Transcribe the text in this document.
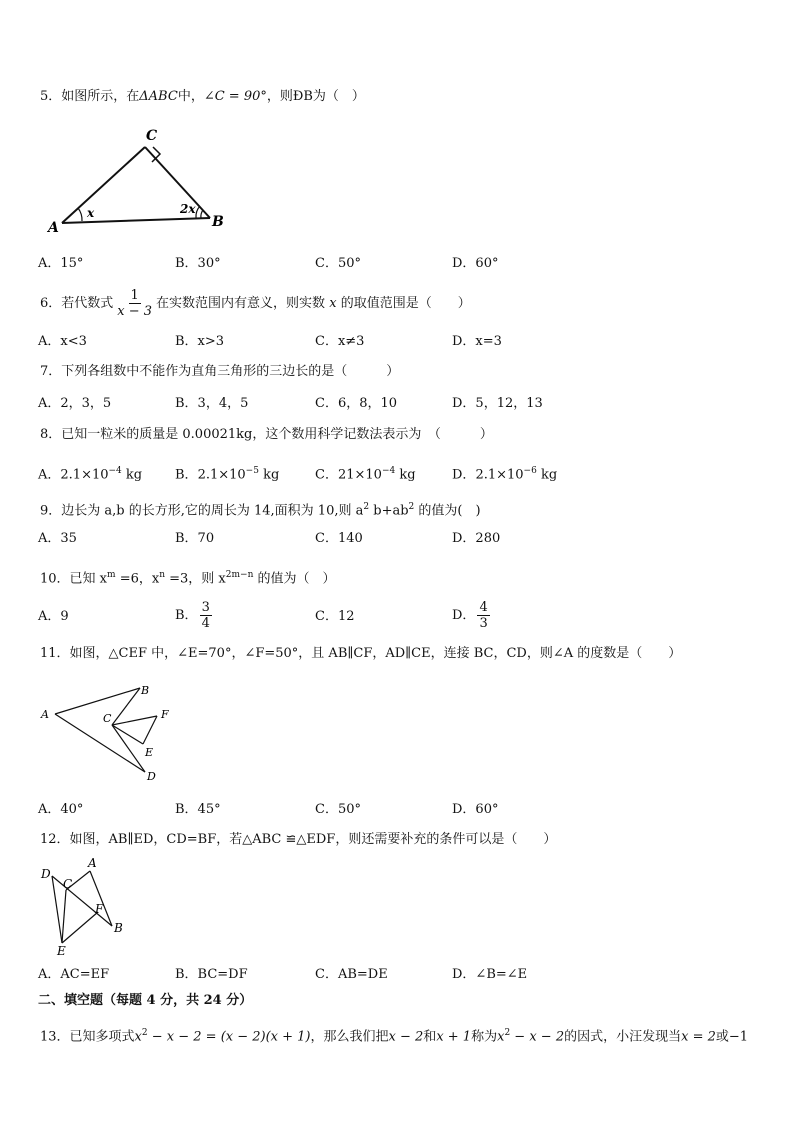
5．如图所示，在ΔABC中，∠C = 90°，则ÐB为（　）
C
A	B
x	2x
A．15°	B．30°	C．50°	D．60°
6．若代数式 $\frac{1}{x - 3}$ 在实数范围内有意义，则实数 x 的取值范围是（　　）
A．x<3	B．x>3	C．x≠3	D．x=3
7．下列各组数中不能作为直角三角形的三边长的是（　　　）
A．2，3，5	B．3，4，5	C．6，8，10	D．5，12，13
8．已知一粒米的质量是 0.00021kg，这个数用科学记数法表示为　（　　　）
A．$2.1\times 10^{-4}$ kg	B．$2.1\times 10^{-5}$ kg	C．$21\times 10^{-4}$ kg	D．$2.1\times 10^{-6}$ kg
9．边长为 a,b 的长方形,它的周长为 14,面积为 10,则 $a^2$ $b+ab^2$ 的值为(　)
A．35	B．70	C．140	D．280
10．已知 $x^m =6$，$x^n =3$，则 $x^{2m-n}$ 的值为（　）
A．9	B． $\frac{3}{4}$	C．12	D． $\frac{4}{3}$
11．如图，△CEF 中，∠E=70°，∠F=50°，且 AB∥CF，AD∥CE，连接 BC，CD，则∠A 的度数是（　　）
A
B
C	F
E
D
A．40°	B．45°	C．50°	D．60°
12．如图，AB∥ED，CD=BF，若△ABC ≌△EDF，则还需要补充的条件可以是（　　）
D
A
C
F
B
E
A．AC=EF	B．BC=DF	C．AB=DE	D．∠B=∠E
二、填空题（每题 4 分，共 24 分）
13．已知多项式$x^2 - x - 2 = (x - 2)(x + 1)$，那么我们把x − 2和x + 1称为$x^2 - x - 2$的因式，小汪发现当x = 2或−1
